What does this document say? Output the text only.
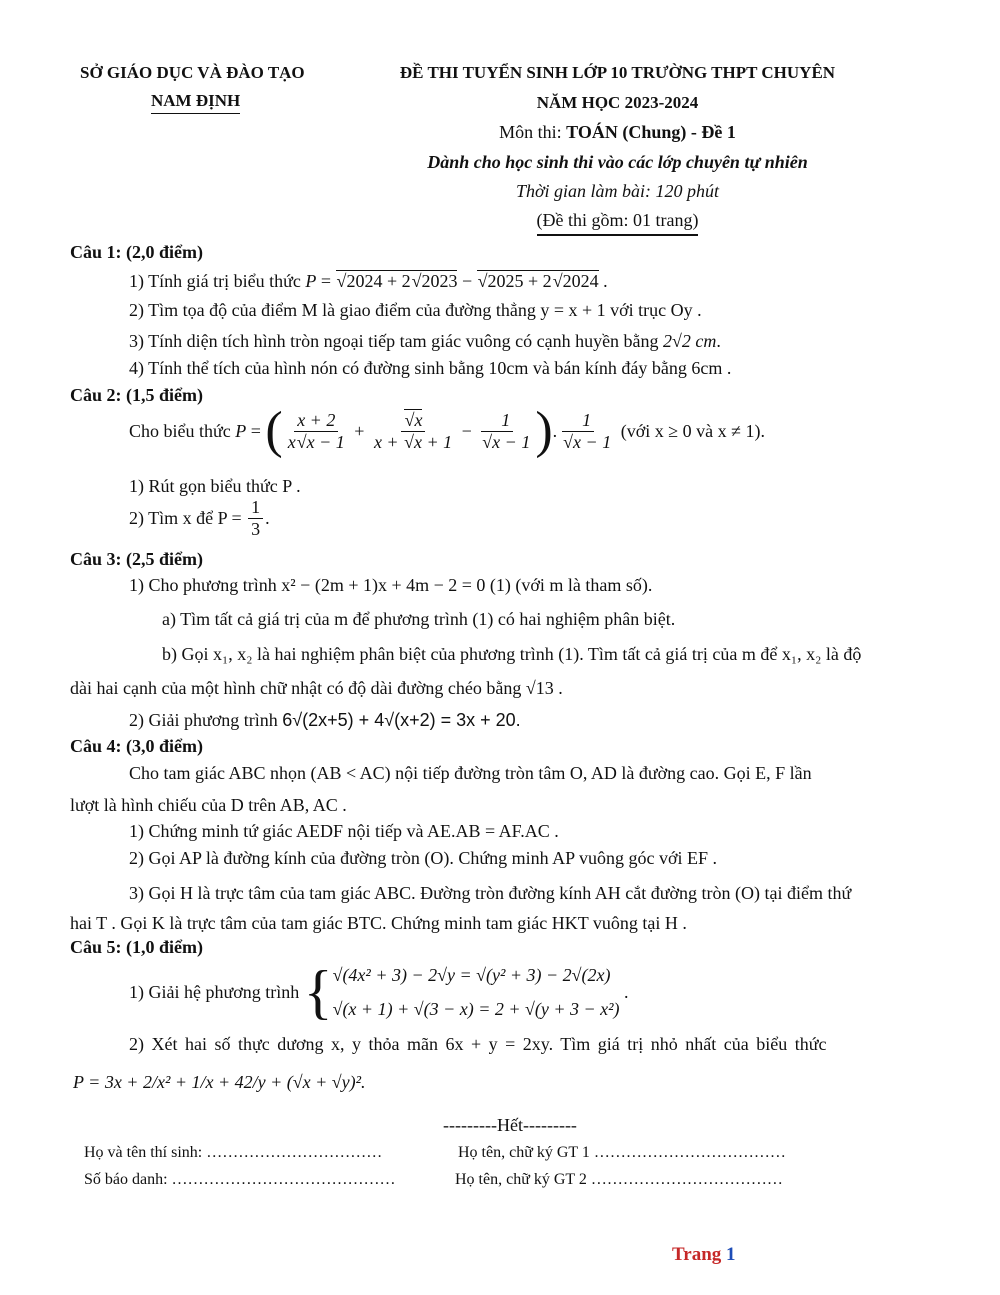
SỞ GIÁO DỤC VÀ ĐÀO TẠO
NAM ĐỊNH
ĐỀ THI TUYỂN SINH LỚP 10 TRƯỜNG THPT CHUYÊN
NĂM HỌC 2023-2024
Môn thi: TOÁN (Chung) - Đề 1
Dành cho học sinh thi vào các lớp chuyên tự nhiên
Thời gian làm bài: 120 phút
(Đề thi gồm: 01 trang)
Câu 1: (2,0 điểm)
1) Tính giá trị biểu thức P = √ 2024 + 2 √ 2023 − √ 2025 + 2 √ 2024 .
2) Tìm tọa độ của điểm M là giao điểm của đường thẳng y = x + 1 với trục Oy .
3) Tính diện tích hình tròn ngoại tiếp tam giác vuông có cạnh huyền bằng 2√2 cm.
4) Tính thể tích của hình nón có đường sinh bằng 10cm và bán kính đáy bằng 6cm .
Câu 2: (1,5 điểm)
Cho biểu thức
P = ( $\frac{x + 2}{x √ x - 1}$ + √ $\frac{x}{x + √ x + 1} - 1$
√ x − 1 ) . 1
√ x − 1
(với x ≥ 0 và x ≠ 1).
1) Rút gọn biểu thức P .
2) Tìm x để P =
$\frac{1}{3}$ .
Câu 3: (2,5 điểm)
1) Cho phương trình x² − (2m + 1)x + 4m − 2 = 0 (1) (với m là tham số).
a) Tìm tất cả giá trị của m để phương trình (1) có hai nghiệm phân biệt.
b) Gọi x₁, x₂ là hai nghiệm phân biệt của phương trình (1). Tìm tất cả giá trị của m để x₁, x₂ là độ
dài hai cạnh của một hình chữ nhật có độ dài đường chéo bằng √13 .
2) Giải phương trình 6√(2x+5) + 4√(x+2) = 3x + 20.
Câu 4: (3,0 điểm)
Cho tam giác ABC nhọn (AB < AC) nội tiếp đường tròn tâm O, AD là đường cao. Gọi E, F lần
lượt là hình chiếu của D trên AB, AC .
1) Chứng minh tứ giác AEDF nội tiếp và AE.AB = AF.AC .
2) Gọi AP là đường kính của đường tròn (O). Chứng minh AP vuông góc với EF .
3) Gọi H là trực tâm của tam giác ABC. Đường tròn đường kính AH cắt đường tròn (O) tại điểm thứ
hai T . Gọi K là trực tâm của tam giác BTC. Chứng minh tam giác HKT vuông tại H .
Câu 5: (1,0 điểm)
1) Giải hệ phương trình
{ √(4x² + 3) − 2√y = √(y² + 3) − 2√(2x)
√(x + 1) + √(3 − x) = 2 + √(y + 3 − x²)
.
2) Xét hai số thực dương x, y thỏa mãn 6x + y = 2xy. Tìm giá trị nhỏ nhất của biểu thức
P = 3x + 2/x² + 1/x + 42/y + (√x + √y)².
---------Hết---------
Họ và tên thí sinh: ……………………………	Họ tên, chữ ký GT 1 ………………………………
Số báo danh: ……………………………………	Họ tên, chữ ký GT 2 ………………………………
Trang 1
